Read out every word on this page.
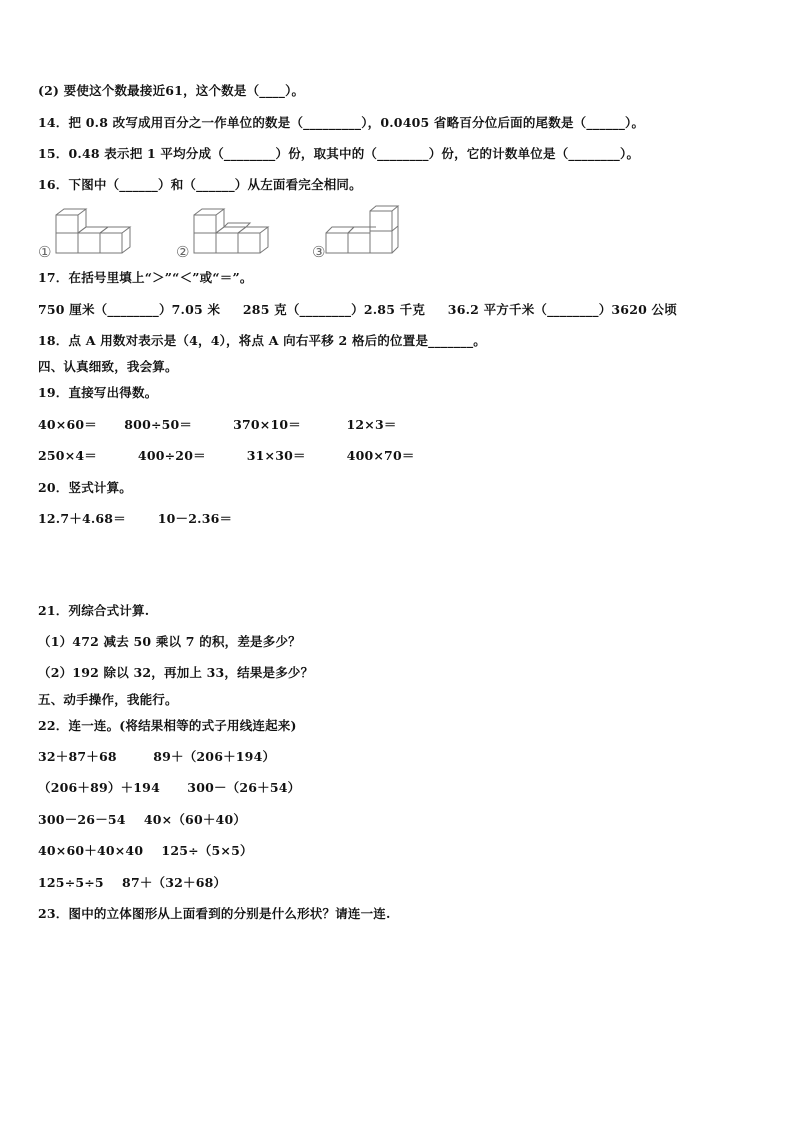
(2) 要使这个数最接近61，这个数是（____）。
14．把 0.8 改写成用百分之一作单位的数是（_________），0.0405 省略百分位后面的尾数是（______）。
15．0.48 表示把 1 平均分成（________）份，取其中的（________）份，它的计数单位是（________）。
16．下图中（______）和（______）从左面看完全相同。
①	②	③
17．在括号里填上“＞”“＜”或“＝”。
750 厘米（________）7.05 米     285 克（________）2.85 千克     36.2 平方千米（________）3620 公顷
18．点 A 用数对表示是（4，4），将点 A 向右平移 2 格后的位置是_______。
四、认真细致，我会算。
19．直接写出得数。
40×60＝      800÷50＝         370×10＝          12×3＝
250×4＝         400÷20＝         31×30＝         400×70＝
20．竖式计算。
12.7＋4.68＝       10－2.36＝
21．列综合式计算.
（1）472 减去 50 乘以 7 的积，差是多少？
（2）192 除以 32，再加上 33，结果是多少？
五、动手操作，我能行。
22．连一连。(将结果相等的式子用线连起来)
32＋87＋68        89＋（206＋194）
（206＋89）＋194      300－（26＋54）
300－26－54    40×（60＋40）
40×60＋40×40    125÷（5×5）
125÷5÷5    87＋（32＋68）
23．图中的立体图形从上面看到的分别是什么形状？请连一连.
